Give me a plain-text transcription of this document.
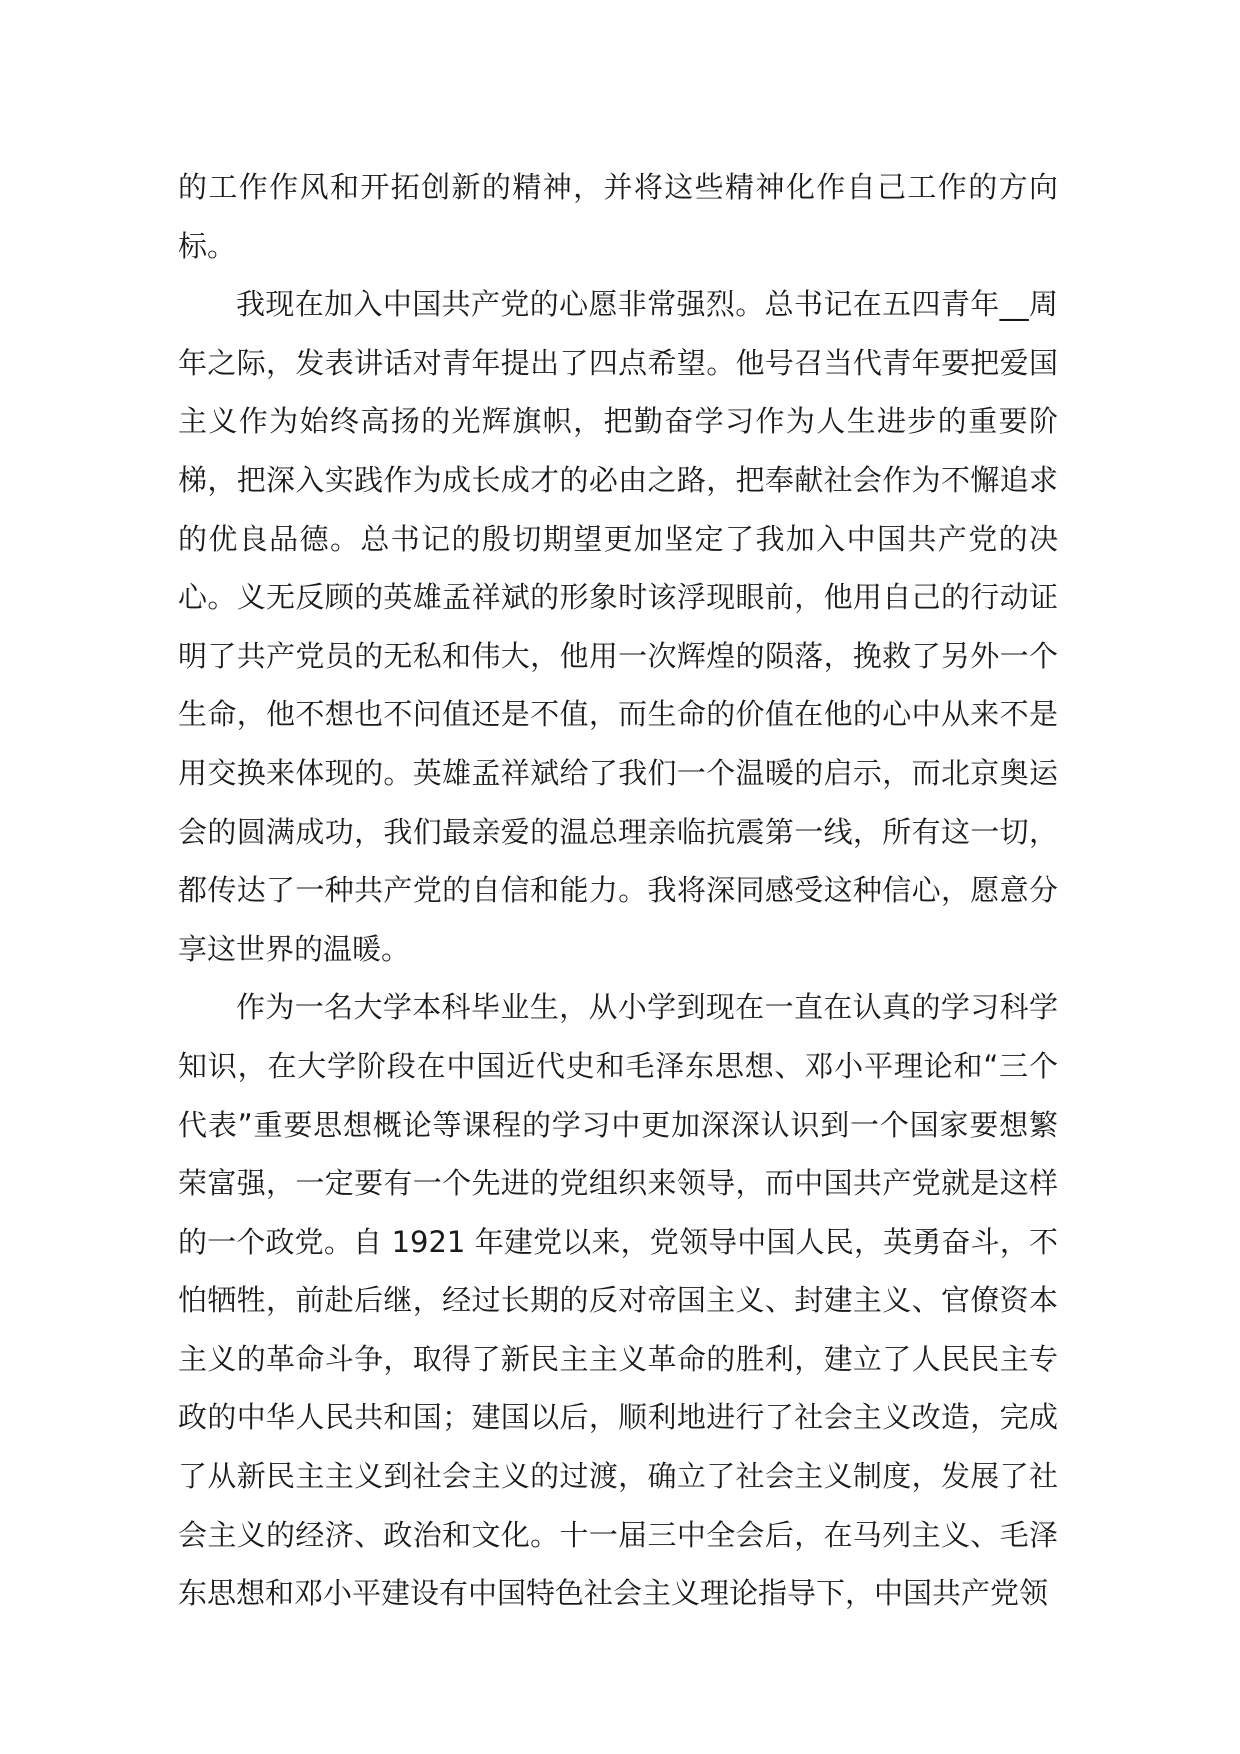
的工作作风和开拓创新的精神，并将这些精神化作自己工作的方向
标。
我现在加入中国共产党的心愿非常强烈。总书记在五四青年__周
年之际，发表讲话对青年提出了四点希望。他号召当代青年要把爱国
主义作为始终高扬的光辉旗帜，把勤奋学习作为人生进步的重要阶
梯，把深入实践作为成长成才的必由之路，把奉献社会作为不懈追求
的优良品德。总书记的殷切期望更加坚定了我加入中国共产党的决
心。义无反顾的英雄孟祥斌的形象时该浮现眼前，他用自己的行动证
明了共产党员的无私和伟大，他用一次辉煌的陨落，挽救了另外一个
生命，他不想也不问值还是不值，而生命的价值在他的心中从来不是
用交换来体现的。英雄孟祥斌给了我们一个温暖的启示，而北京奥运
会的圆满成功，我们最亲爱的温总理亲临抗震第一线，所有这一切，
都传达了一种共产党的自信和能力。我将深同感受这种信心，愿意分
享这世界的温暖。
作为一名大学本科毕业生，从小学到现在一直在认真的学习科学
知识，在大学阶段在中国近代史和毛泽东思想、邓小平理论和“三个
代表”重要思想概论等课程的学习中更加深深认识到一个国家要想繁
荣富强，一定要有一个先进的党组织来领导，而中国共产党就是这样
的一个政党。自 1921 年建党以来，党领导中国人民，英勇奋斗，不
怕牺牲，前赴后继，经过长期的反对帝国主义、封建主义、官僚资本
主义的革命斗争，取得了新民主主义革命的胜利，建立了人民民主专
政的中华人民共和国；建国以后，顺利地进行了社会主义改造，完成
了从新民主主义到社会主义的过渡，确立了社会主义制度，发展了社
会主义的经济、政治和文化。十一届三中全会后，在马列主义、毛泽
东思想和邓小平建设有中国特色社会主义理论指导下，中国共产党领
